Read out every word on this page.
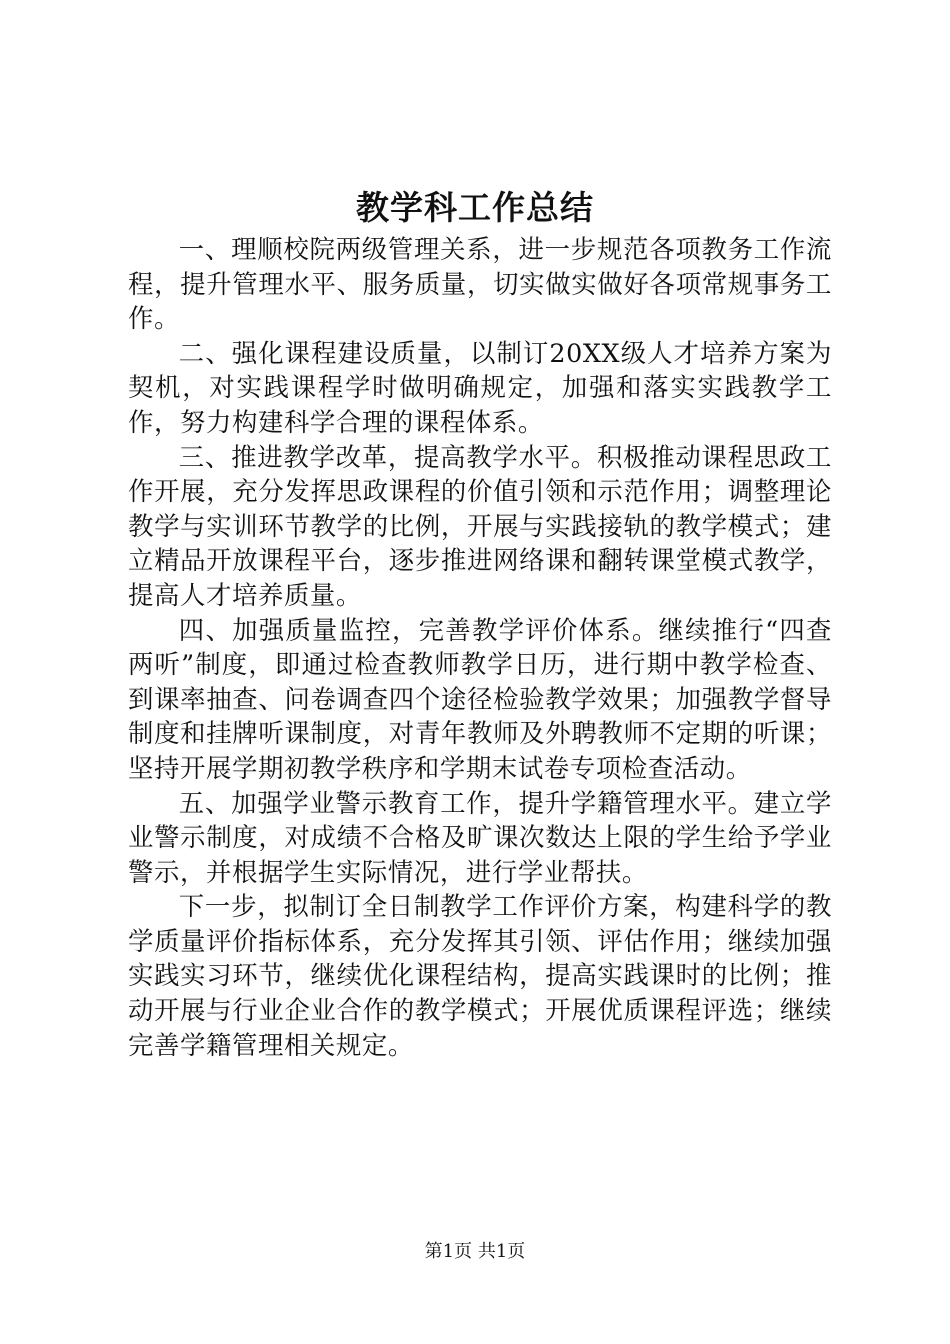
教学科工作总结

一、理顺校院两级管理关系，进一步规范各项教务工作流程，提升管理水平、服务质量，切实做实做好各项常规事务工作。

二、强化课程建设质量，以制订20XX级人才培养方案为契机，对实践课程学时做明确规定，加强和落实实践教学工作，努力构建科学合理的课程体系。

三、推进教学改革，提高教学水平。积极推动课程思政工作开展，充分发挥思政课程的价值引领和示范作用；调整理论教学与实训环节教学的比例，开展与实践接轨的教学模式；建立精品开放课程平台，逐步推进网络课和翻转课堂模式教学，提高人才培养质量。

四、加强质量监控，完善教学评价体系。继续推行“四查两听”制度，即通过检查教师教学日历，进行期中教学检查、到课率抽查、问卷调查四个途径检验教学效果；加强教学督导制度和挂牌听课制度，对青年教师及外聘教师不定期的听课；坚持开展学期初教学秩序和学期末试卷专项检查活动。

五、加强学业警示教育工作，提升学籍管理水平。建立学业警示制度，对成绩不合格及旷课次数达上限的学生给予学业警示，并根据学生实际情况，进行学业帮扶。

下一步，拟制订全日制教学工作评价方案，构建科学的教学质量评价指标体系，充分发挥其引领、评估作用；继续加强实践实习环节，继续优化课程结构，提高实践课时的比例；推动开展与行业企业合作的教学模式；开展优质课程评选；继续完善学籍管理相关规定。

第1页 共1页
